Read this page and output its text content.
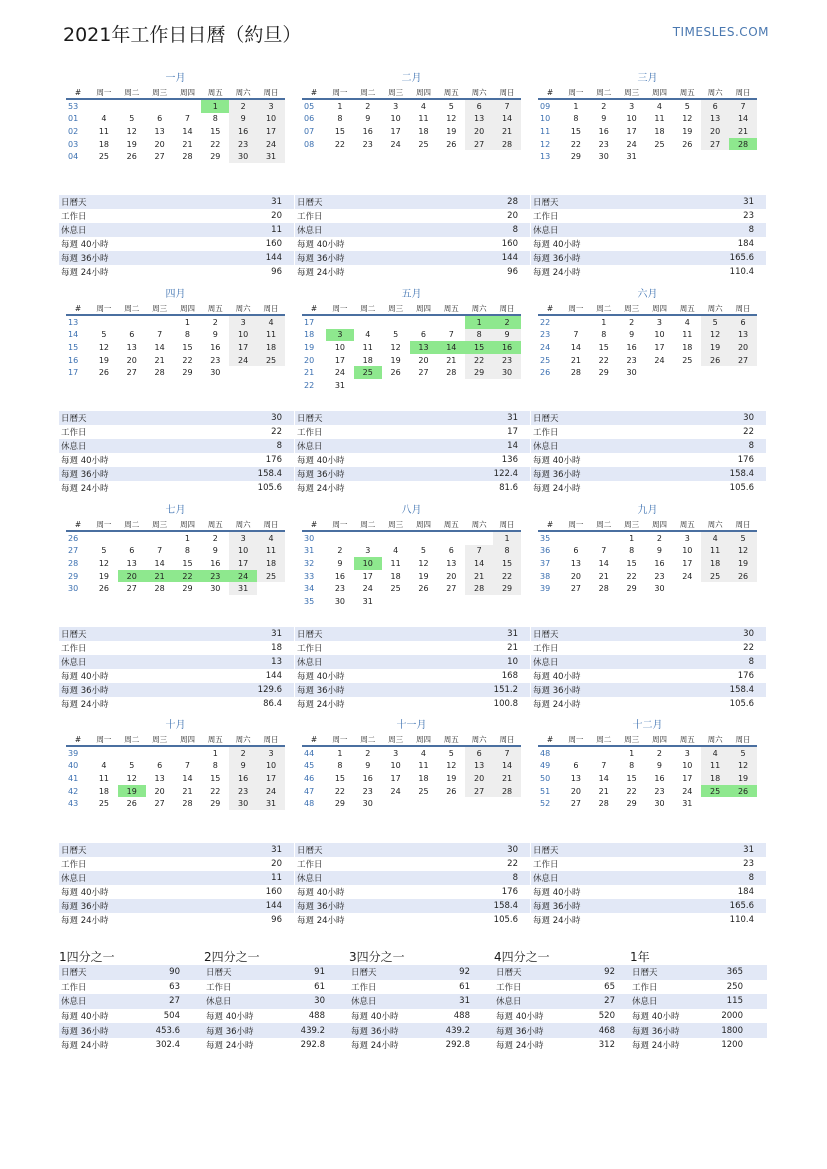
2021年工作日日曆（約旦）	TIMESLES.COM
一月
#	周一	周二	周三	周四	周五	周六	周日
53					1	2	3
01	4	5	6	7	8	9	10
02	11	12	13	14	15	16	17
03	18	19	20	21	22	23	24
04	25	26	27	28	29	30	31
日曆天	31
工作日	20
休息日	11
每週 40小時	160
每週 36小時	144
每週 24小時	96
二月
#	周一	周二	周三	周四	周五	周六	周日
05	1	2	3	4	5	6	7
06	8	9	10	11	12	13	14
07	15	16	17	18	19	20	21
08	22	23	24	25	26	27	28
日曆天	28
工作日	20
休息日	8
每週 40小時	160
每週 36小時	144
每週 24小時	96
三月
#	周一	周二	周三	周四	周五	周六	周日
09	1	2	3	4	5	6	7
10	8	9	10	11	12	13	14
11	15	16	17	18	19	20	21
12	22	23	24	25	26	27	28
13	29	30	31				
日曆天	31
工作日	23
休息日	8
每週 40小時	184
每週 36小時	165.6
每週 24小時	110.4
四月
#	周一	周二	周三	周四	周五	周六	周日
13				1	2	3	4
14	5	6	7	8	9	10	11
15	12	13	14	15	16	17	18
16	19	20	21	22	23	24	25
17	26	27	28	29	30		
日曆天	30
工作日	22
休息日	8
每週 40小時	176
每週 36小時	158.4
每週 24小時	105.6
五月
#	周一	周二	周三	周四	周五	周六	周日
17						1	2
18	3	4	5	6	7	8	9
19	10	11	12	13	14	15	16
20	17	18	19	20	21	22	23
21	24	25	26	27	28	29	30
22	31						
日曆天	31
工作日	17
休息日	14
每週 40小時	136
每週 36小時	122.4
每週 24小時	81.6
六月
#	周一	周二	周三	周四	周五	周六	周日
22		1	2	3	4	5	6
23	7	8	9	10	11	12	13
24	14	15	16	17	18	19	20
25	21	22	23	24	25	26	27
26	28	29	30				
日曆天	30
工作日	22
休息日	8
每週 40小時	176
每週 36小時	158.4
每週 24小時	105.6
七月
#	周一	周二	周三	周四	周五	周六	周日
26				1	2	3	4
27	5	6	7	8	9	10	11
28	12	13	14	15	16	17	18
29	19	20	21	22	23	24	25
30	26	27	28	29	30	31	
日曆天	31
工作日	18
休息日	13
每週 40小時	144
每週 36小時	129.6
每週 24小時	86.4
八月
#	周一	周二	周三	周四	周五	周六	周日
30							1
31	2	3	4	5	6	7	8
32	9	10	11	12	13	14	15
33	16	17	18	19	20	21	22
34	23	24	25	26	27	28	29
35	30	31					
日曆天	31
工作日	21
休息日	10
每週 40小時	168
每週 36小時	151.2
每週 24小時	100.8
九月
#	周一	周二	周三	周四	周五	周六	周日
35			1	2	3	4	5
36	6	7	8	9	10	11	12
37	13	14	15	16	17	18	19
38	20	21	22	23	24	25	26
39	27	28	29	30			
日曆天	30
工作日	22
休息日	8
每週 40小時	176
每週 36小時	158.4
每週 24小時	105.6
十月
#	周一	周二	周三	周四	周五	周六	周日
39					1	2	3
40	4	5	6	7	8	9	10
41	11	12	13	14	15	16	17
42	18	19	20	21	22	23	24
43	25	26	27	28	29	30	31
日曆天	31
工作日	20
休息日	11
每週 40小時	160
每週 36小時	144
每週 24小時	96
十一月
#	周一	周二	周三	周四	周五	周六	周日
44	1	2	3	4	5	6	7
45	8	9	10	11	12	13	14
46	15	16	17	18	19	20	21
47	22	23	24	25	26	27	28
48	29	30					
日曆天	30
工作日	22
休息日	8
每週 40小時	176
每週 36小時	158.4
每週 24小時	105.6
十二月
#	周一	周二	周三	周四	周五	周六	周日
48			1	2	3	4	5
49	6	7	8	9	10	11	12
50	13	14	15	16	17	18	19
51	20	21	22	23	24	25	26
52	27	28	29	30	31		
日曆天	31
工作日	23
休息日	8
每週 40小時	184
每週 36小時	165.6
每週 24小時	110.4
1四分之一
日曆天	90
工作日	63
休息日	27
每週 40小時	504
每週 36小時	453.6
每週 24小時	302.4
2四分之一
日曆天	91
工作日	61
休息日	30
每週 40小時	488
每週 36小時	439.2
每週 24小時	292.8
3四分之一
日曆天	92
工作日	61
休息日	31
每週 40小時	488
每週 36小時	439.2
每週 24小時	292.8
4四分之一
日曆天	92
工作日	65
休息日	27
每週 40小時	520
每週 36小時	468
每週 24小時	312
1年
日曆天	365
工作日	250
休息日	115
每週 40小時	2000
每週 36小時	1800
每週 24小時	1200
